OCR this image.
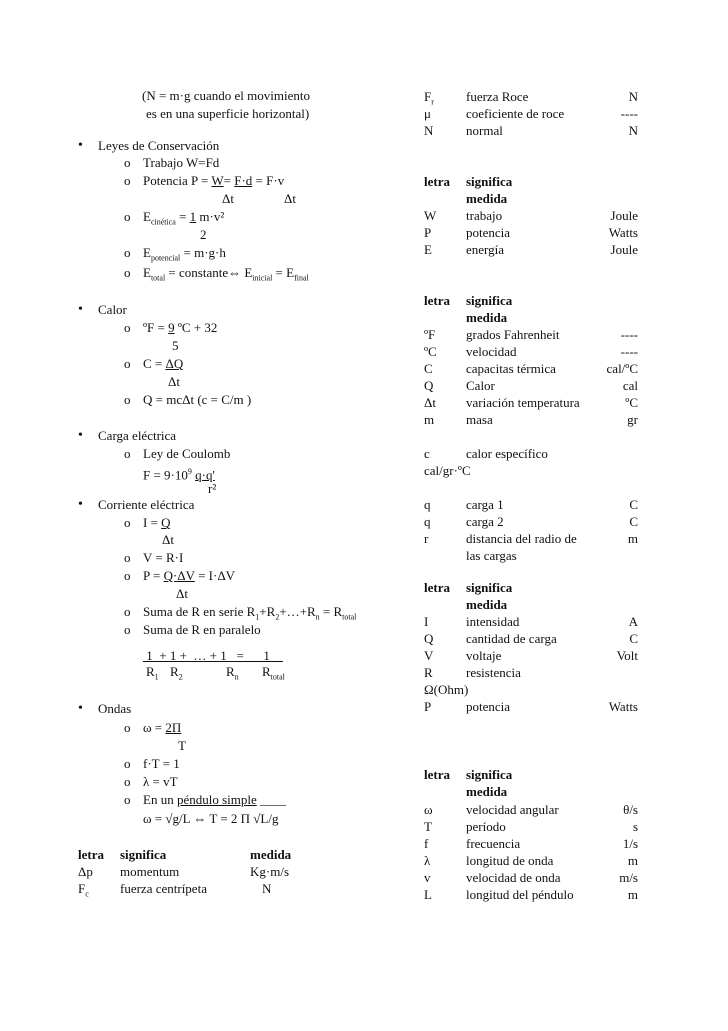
(N = m·g cuando el movimiento
es en una superficie horizontal)
• Leyes de Conservación
o Trabajo W=Fd
o Potencia P = W= F·d = F·v
Δt	Δt
o $E_{cinética} = 1$ m·v²
2
o $E_{potencial} = m\cdot g\cdot h$
o $E_{total}$ = constante⇔ $E_{inicial} = E_{final}$
• Calor
o ºF = 9 ºC + 32
5
o C = ΔQ
Δt
o Q = mcΔt (c = C/m )
• Carga eléctrica
o Ley de Coulomb
$F = 9\cdot 10^9$ q·q'
r²
• Corriente eléctrica
o I = Q
Δt
o V = R·I
o P = Q·ΔV = I·ΔV
Δt
o Suma de R en serie $R_1+R_2+\dots+R_n = R_{total}$
o Suma de R en paralelo
1  + 1 +  … + 1   =  __1__
$R_1$ $R_2$	$R_n$ $R_{total}$
• Ondas
o ω = 2Π
T
o f·T = 1
o λ = vT
o En un péndulo simple ____
ω = √g/L ⇔ T = 2 Π √L/g
letra significa	medida
Δp momentum	Kg·m/s
$F_c$ fuerza centrípeta	N
$F_r$ fuerza Roce	N
μ	coeficiente de roce	----
N	normal	N
letra significa
medida
W trabajo	Joule
P	potencia	Watts
E	energía	Joule
letra significa
medida
ºF grados Fahrenheit	----
ºC velocidad	----
C	capacitas térmica	cal/ºC
Q	Calor	cal
Δt variación temperatura	ºC
m masa	gr
c	calor específico
cal/gr·ºC
q	carga 1	C
q	carga 2	C
r	distancia del radio de	m
las cargas
letra significa
medida
I	intensidad	A
Q	cantidad de carga	C
V	voltaje	Volt
R	resistencia
Ω(Ohm)
P	potencia	Watts
letra significa
medida
ω	velocidad angular	θ/s
T	período	s
f	frecuencia	1/s
λ	longitud de onda	m
v	velocidad de onda	m/s
L	longitud del péndulo	m
